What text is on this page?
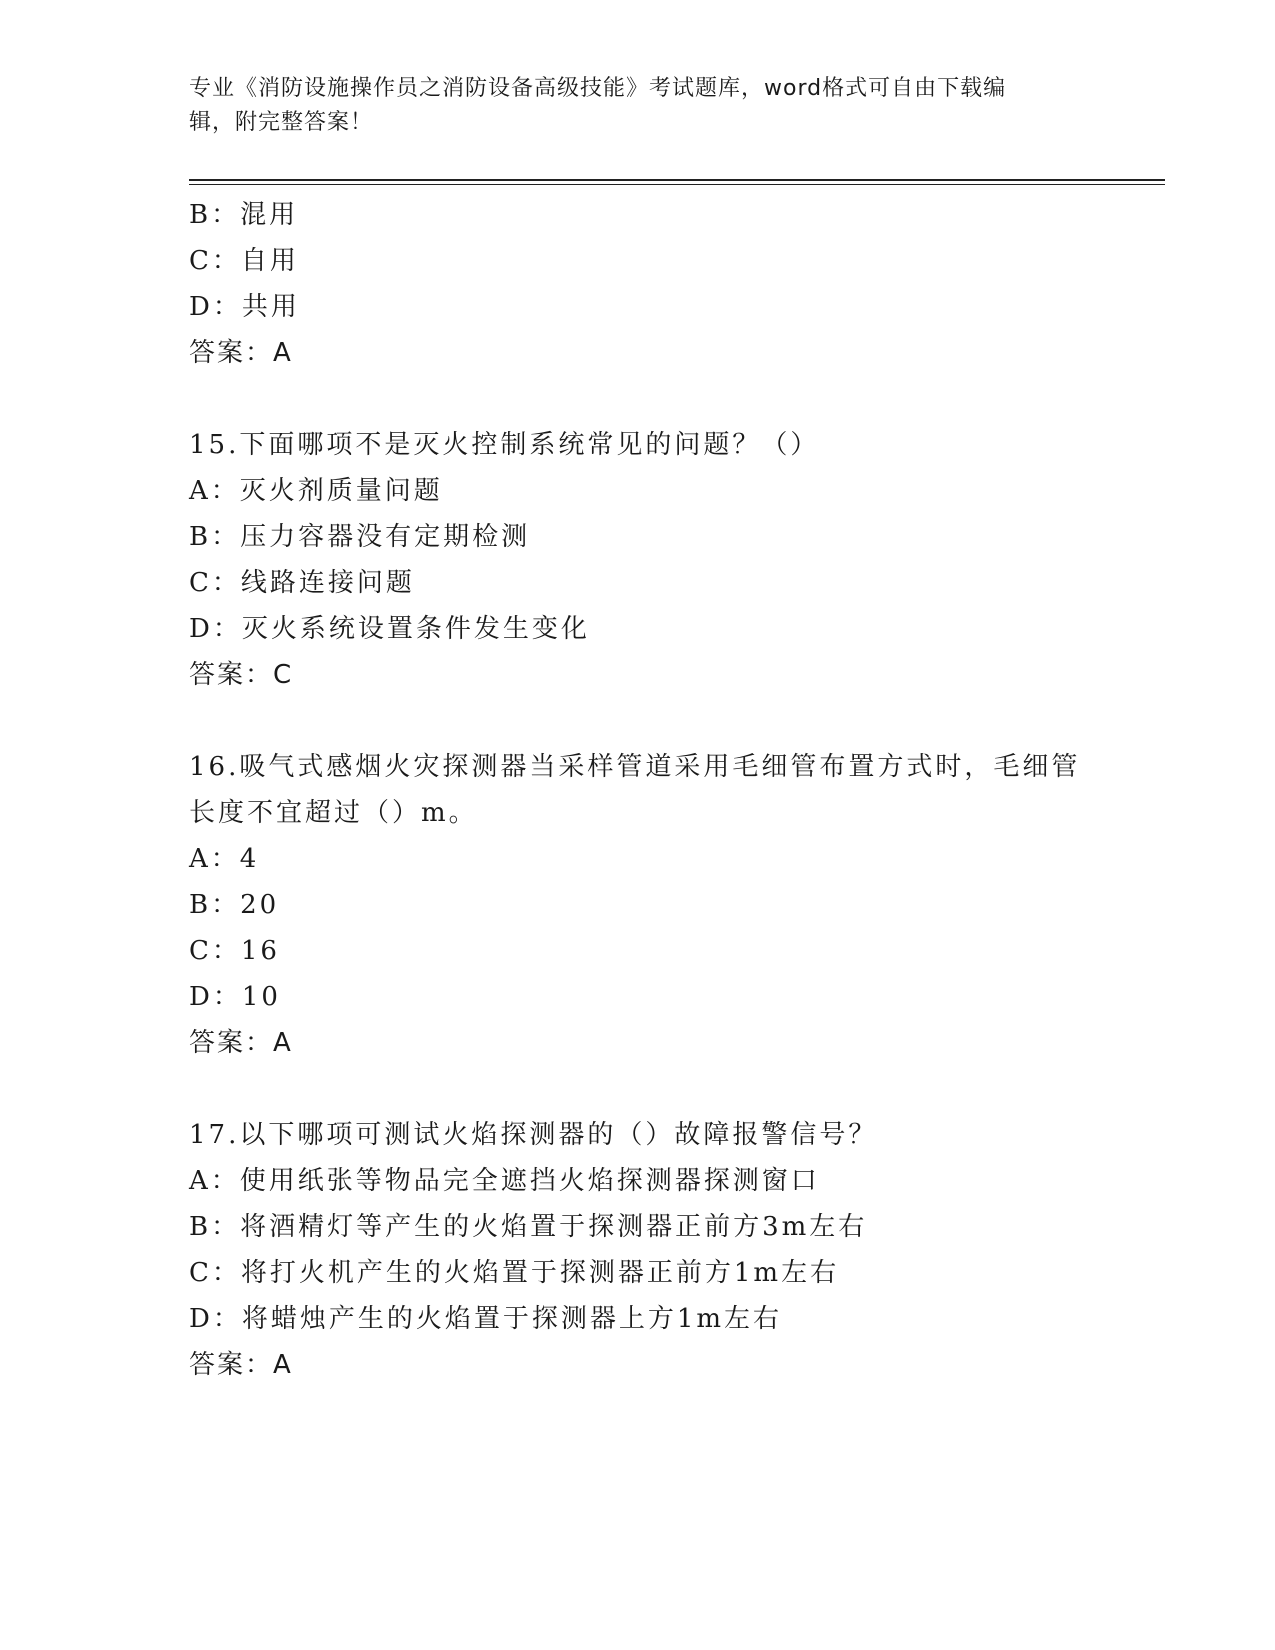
专业《消防设施操作员之消防设备高级技能》考试题库，word格式可自由下载编
辑，附完整答案！
B：混用
C：自用
D：共用
答案：A
15.下面哪项不是灭火控制系统常见的问题？（）
A：灭火剂质量问题
B：压力容器没有定期检测
C：线路连接问题
D：灭火系统设置条件发生变化
答案：C
16.吸气式感烟火灾探测器当采样管道采用毛细管布置方式时，毛细管
长度不宜超过（）m。
A：4
B：20
C：16
D：10
答案：A
17.以下哪项可测试火焰探测器的（）故障报警信号？
A：使用纸张等物品完全遮挡火焰探测器探测窗口
B：将酒精灯等产生的火焰置于探测器正前方3m左右
C：将打火机产生的火焰置于探测器正前方1m左右
D：将蜡烛产生的火焰置于探测器上方1m左右
答案：A
